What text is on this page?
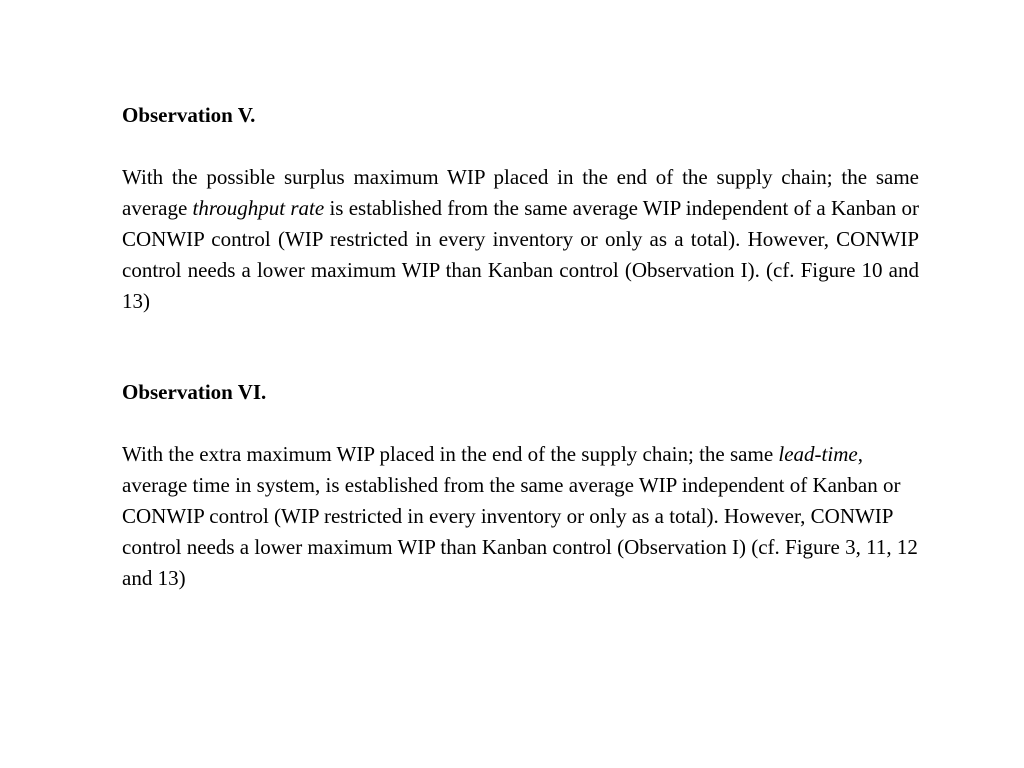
Observation V.

With the possible surplus maximum WIP placed in the end of the supply chain; the same average throughput rate is established from the same average WIP independent of a Kanban or CONWIP control (WIP restricted in every inventory or only as a total). However, CONWIP control needs a lower maximum WIP than Kanban control (Observation I). (cf. Figure 10 and 13)

Observation VI.

With the extra maximum WIP placed in the end of the supply chain; the same lead-time, average time in system, is established from the same average WIP independent of Kanban or CONWIP control (WIP restricted in every inventory or only as a total). However, CONWIP control needs a lower maximum WIP than Kanban control (Observation I) (cf. Figure 3, 11, 12 and 13)
